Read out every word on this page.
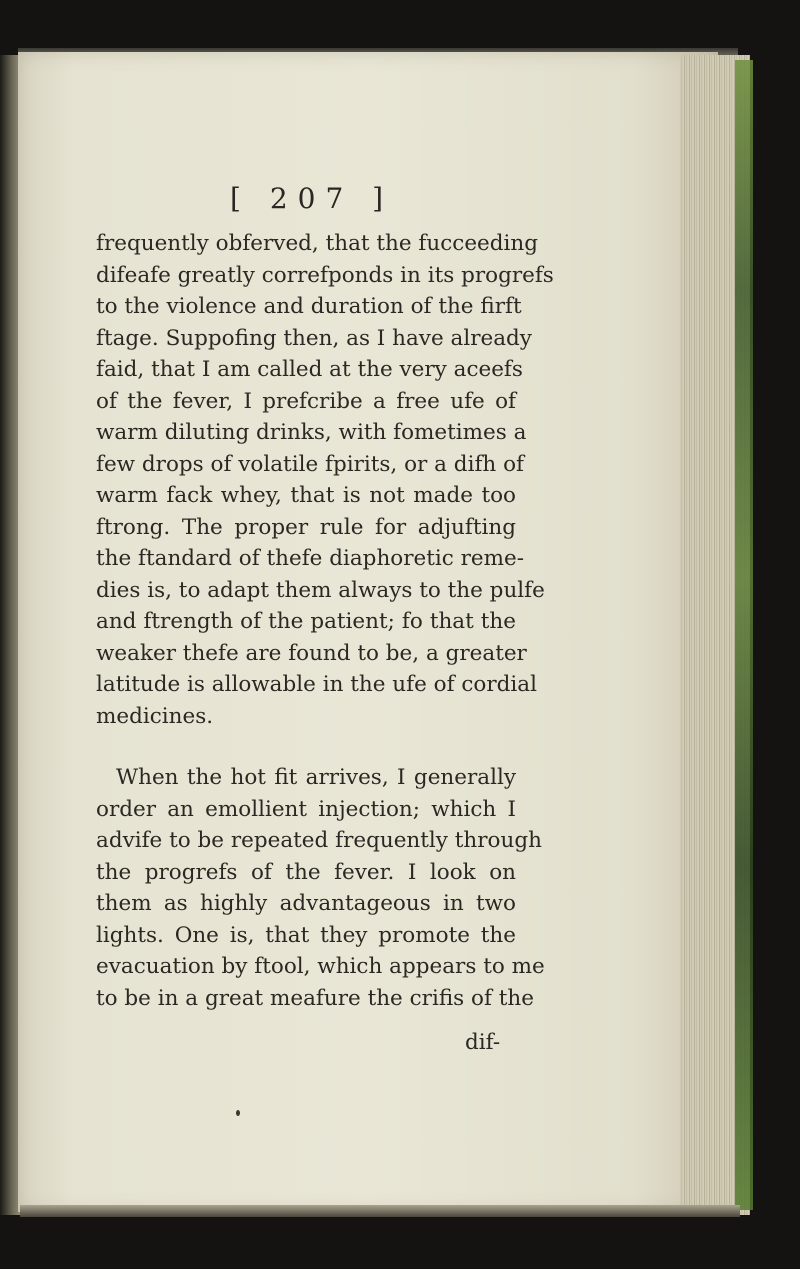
[ 207 ]
frequently obferved, that the fucceeding
difeafe greatly correfponds in its progrefs
to the violence and duration of the firft
ftage. Suppofing then, as I have already
faid, that I am called at the very aceefs
of the fever, I prefcribe a free ufe of
warm diluting drinks, with fometimes a
few drops of volatile fpirits, or a difh of
warm fack whey, that is not made too
ftrong. The proper rule for adjufting
the ftandard of thefe diaphoretic reme-
dies is, to adapt them always to the pulfe
and ftrength of the patient; fo that the
weaker thefe are found to be, a greater
latitude is allowable in the ufe of cordial
medicines.
When the hot fit arrives, I generally
order an emollient injection; which I
advife to be repeated frequently through
the progrefs of the fever. I look on
them as highly advantageous in two
lights. One is, that they promote the
evacuation by ftool, which appears to me
to be in a great meafure the crifis of the
dif-
